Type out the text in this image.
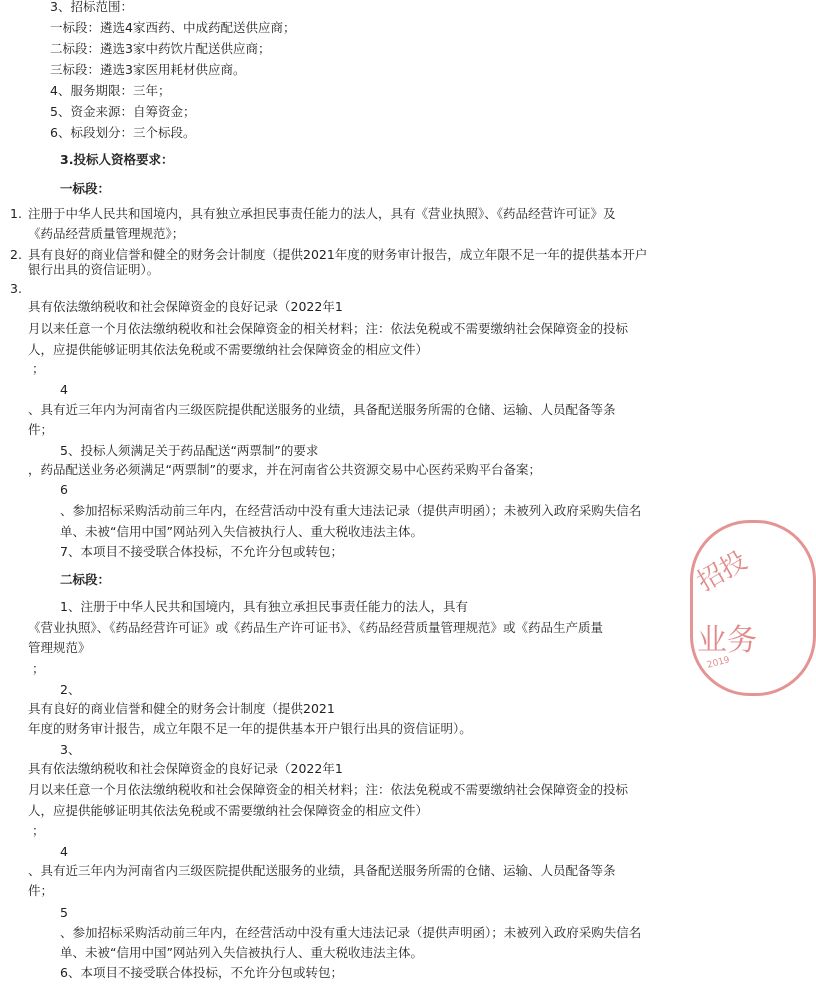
3、招标范围：
一标段：遴选4家西药、中成药配送供应商；
二标段：遴选3家中药饮片配送供应商；
三标段：遴选3家医用耗材供应商。
4、服务期限：三年；
5、资金来源：自筹资金；
6、标段划分：三个标段。
3.投标人资格要求：
一标段：
1. 注册于中华人民共和国境内，具有独立承担民事责任能力的法人，具有《营业执照》、《药品经营许可证》及
《药品经营质量管理规范》；
2. 具有良好的商业信誉和健全的财务会计制度（提供2021年度的财务审计报告，成立年限不足一年的提供基本开户
银行出具的资信证明）。
3.
具有依法缴纳税收和社会保障资金的良好记录（2022年1
月以来任意一个月依法缴纳税收和社会保障资金的相关材料；注：依法免税或不需要缴纳社会保障资金的投标
人，应提供能够证明其依法免税或不需要缴纳社会保障资金的相应文件）
；
4
、具有近三年内为河南省内三级医院提供配送服务的业绩，具备配送服务所需的仓储、运输、人员配备等条
件；
5、投标人须满足关于药品配送“两票制”的要求
，药品配送业务必须满足“两票制”的要求，并在河南省公共资源交易中心医药采购平台备案；
6
、参加招标采购活动前三年内，在经营活动中没有重大违法记录（提供声明函）；未被列入政府采购失信名
单、未被“信用中国”网站列入失信被执行人、重大税收违法主体。
7、本项目不接受联合体投标，不允许分包或转包；
二标段：
1、注册于中华人民共和国境内，具有独立承担民事责任能力的法人，具有
《营业执照》、《药品经营许可证》或《药品生产许可证书》、《药品经营质量管理规范》或《药品生产质量
管理规范》
；
2、
具有良好的商业信誉和健全的财务会计制度（提供2021
年度的财务审计报告，成立年限不足一年的提供基本开户银行出具的资信证明）。
3、
具有依法缴纳税收和社会保障资金的良好记录（2022年1
月以来任意一个月依法缴纳税收和社会保障资金的相关材料；注：依法免税或不需要缴纳社会保障资金的投标
人，应提供能够证明其依法免税或不需要缴纳社会保障资金的相应文件）
；
4
、具有近三年内为河南省内三级医院提供配送服务的业绩，具备配送服务所需的仓储、运输、人员配备等条
件；
5
、参加招标采购活动前三年内，在经营活动中没有重大违法记录（提供声明函）；未被列入政府采购失信名
单、未被“信用中国”网站列入失信被执行人、重大税收违法主体。
6、本项目不接受联合体投标，不允许分包或转包；
招投
业务
2019
